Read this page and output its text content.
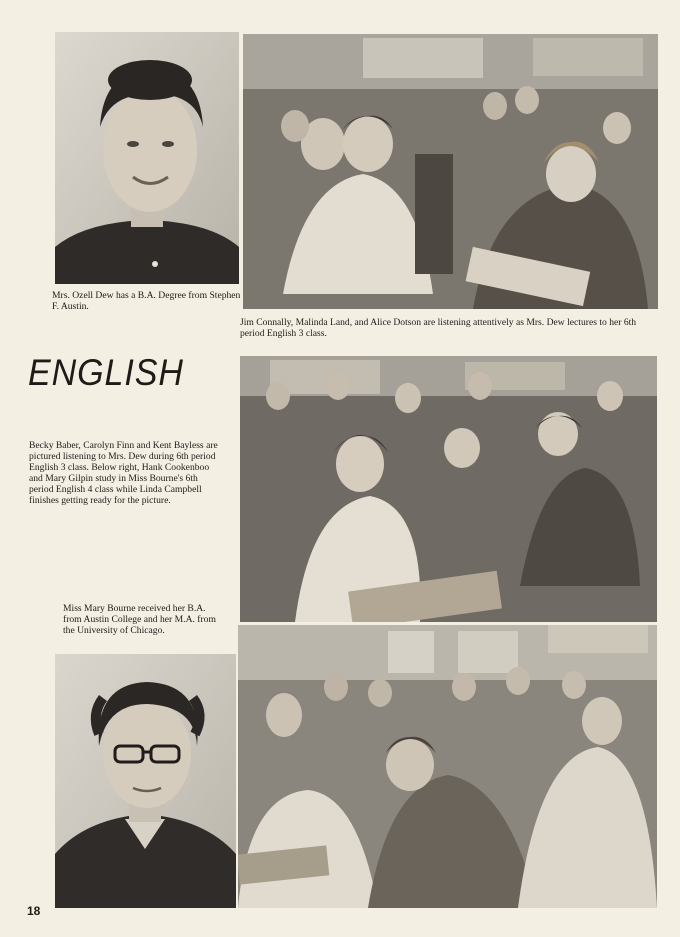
Mrs. Ozell Dew has a B.A. Degree from Stephen F. Austin.

Jim Connally, Malinda Land, and Alice Dotson are listening attentively as Mrs. Dew lectures to her 6th period English 3 class.

ENGLISH

Becky Baber, Carolyn Finn and Kent Bayless are pictured listening to Mrs. Dew during 6th period English 3 class. Below right, Hank Cookenboo and Mary Gilpin study in Miss Bourne's 6th period English 4 class while Linda Campbell finishes getting ready for the picture.

Miss Mary Bourne received her B.A. from Austin College and her M.A. from the University of Chicago.

18
